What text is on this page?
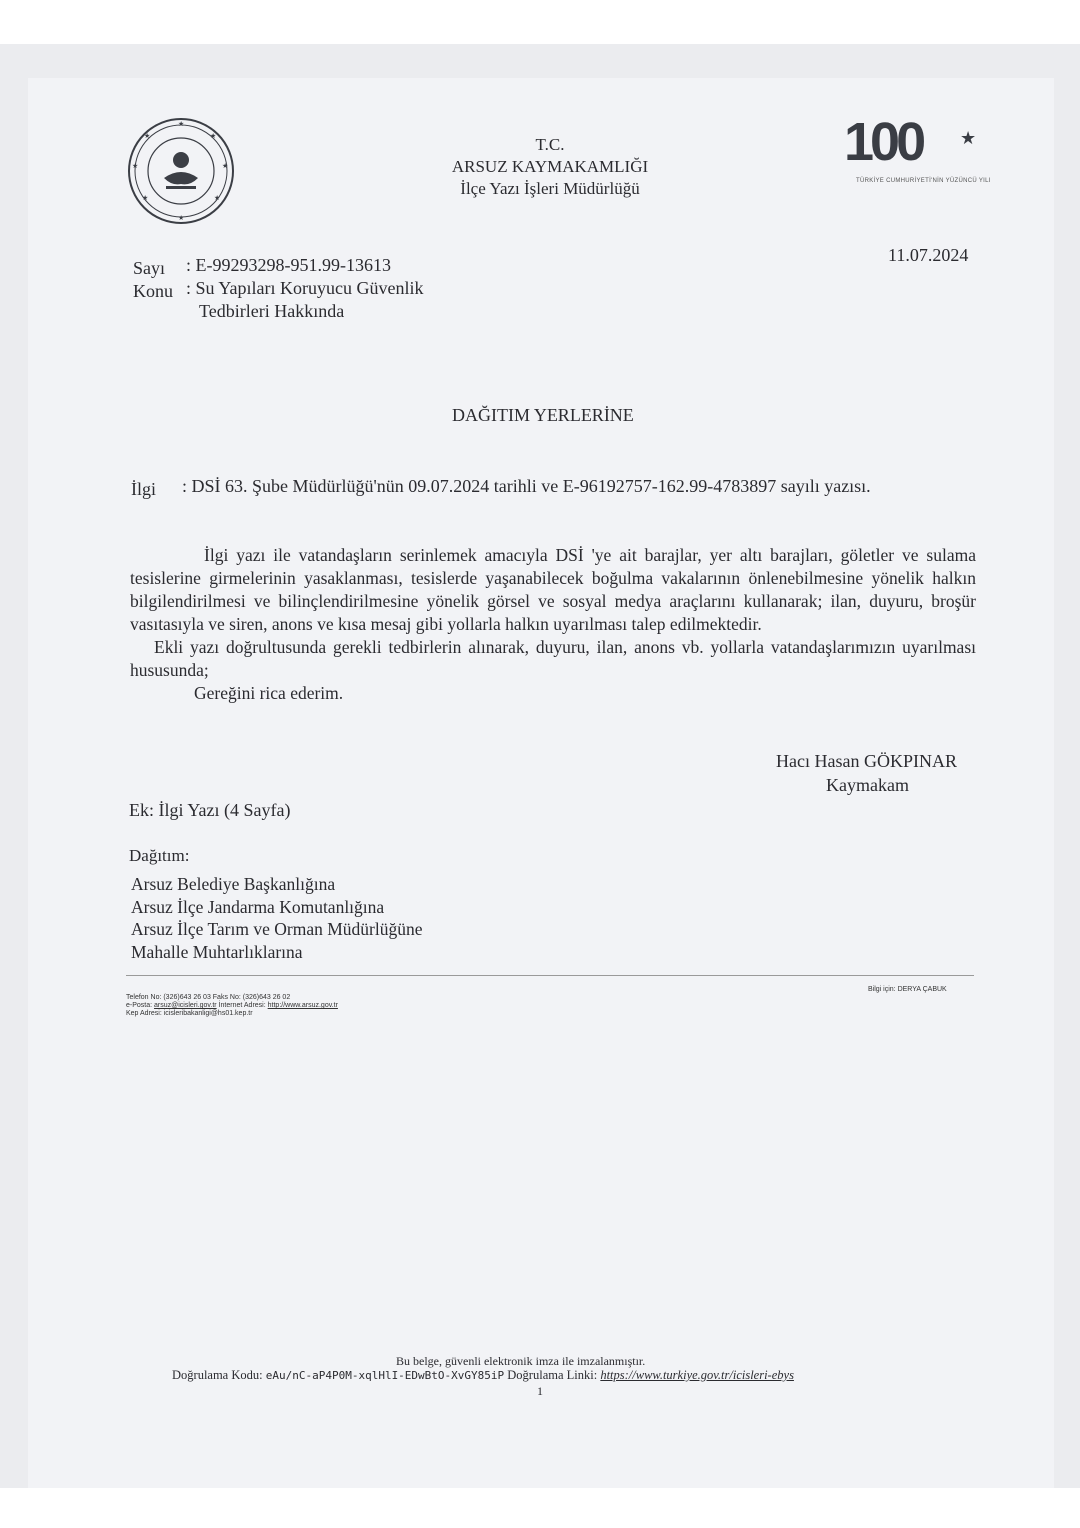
★
★
★
★
★
★
★
★	100 ★
TÜRKİYE CUMHURİYETİ'NİN YÜZÜNCÜ YILI
T.C.
ARSUZ KAYMAKAMLIĞI
İlçe Yazı İşleri Müdürlüğü
11.07.2024
Sayı : E-99293298-951.99-13613
Konu : Su Yapıları Koruyucu Güvenlik
Tedbirleri Hakkında
DAĞITIM YERLERİNE
İlgi : DSİ 63. Şube Müdürlüğü'nün 09.07.2024 tarihli ve E-96192757-162.99-4783897 sayılı yazısı.

İlgi yazı ile vatandaşların serinlemek amacıyla DSİ 'ye ait barajlar, yer altı barajları, göletler ve sulama tesislerine girmelerinin yasaklanması, tesislerde yaşanabilecek boğulma vakalarının önlenebilmesine yönelik halkın bilgilendirilmesi ve bilinçlendirilmesine yönelik görsel ve sosyal medya araçlarını kullanarak; ilan, duyuru, broşür vasıtasıyla ve siren, anons ve kısa mesaj gibi yollarla halkın uyarılması talep edilmektedir.

Ekli yazı doğrultusunda gerekli tedbirlerin alınarak, duyuru, ilan, anons vb. yollarla vatandaşlarımızın uyarılması hususunda;

Gereğini rica ederim.

Hacı Hasan GÖKPINAR
Kaymakam
Ek: İlgi Yazı (4 Sayfa)
Dağıtım:
Arsuz Belediye Başkanlığına
Arsuz İlçe Jandarma Komutanlığına
Arsuz İlçe Tarım ve Orman Müdürlüğüne
Mahalle Muhtarlıklarına
Telefon No: (326)643 26 03 Faks No: (326)643 26 02
e-Posta: arsuz@icisleri.gov.tr İnternet Adresi: http://www.arsuz.gov.tr
Kep Adresi: icisleribakanligi@hs01.kep.tr
Bilgi için: DERYA ÇABUK
Bu belge, güvenli elektronik imza ile imzalanmıştır.
Doğrulama Kodu: eAu/nC-aP4P0M-xqlHlI-EDwBtO-XvGY85iP Doğrulama Linki: https://www.turkiye.gov.tr/icisleri-ebys
1
